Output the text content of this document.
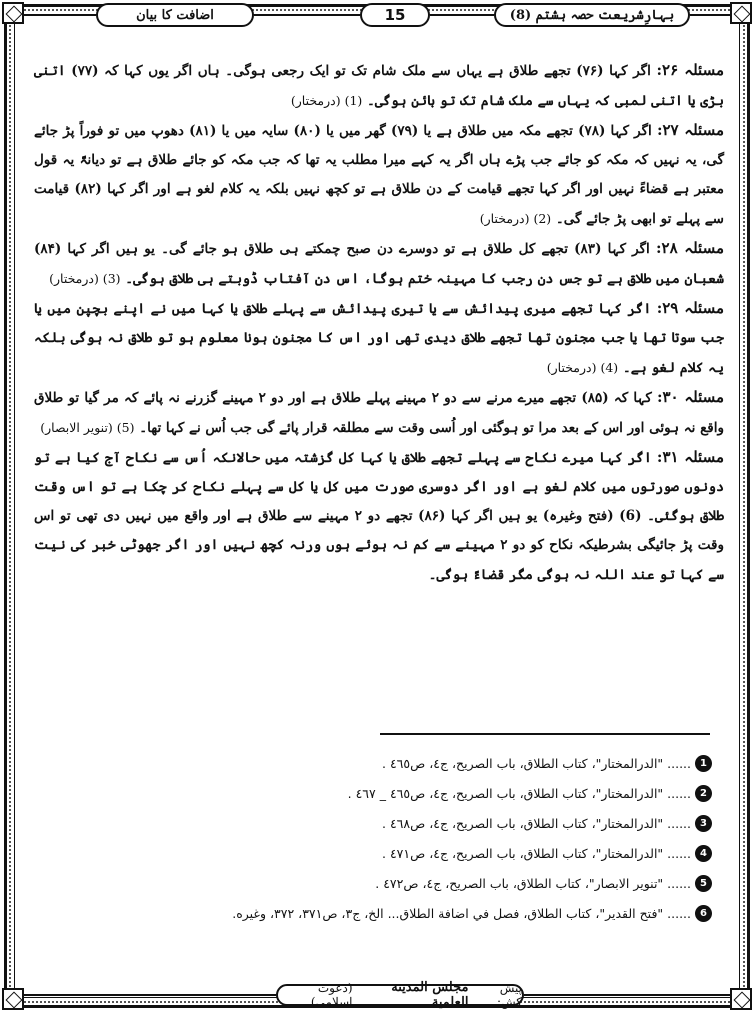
اضافت کا بیان	15	بہارِشریعت حصہ ہشتم (8)

مسئلہ ۲۶: اگر کہا (۷۶) تجھے طلاق ہے یہاں سے ملک شام تک تو ایک رجعی ہوگی۔ ہاں اگر یوں کہا کہ (۷۷) اتنی بڑی یا اتنی لمبی کہ یہاں سے ملک شام تک تو بائن ہوگی۔ (1) (درمختار)

مسئلہ ۲۷: اگر کہا (۷۸) تجھے مکہ میں طلاق ہے یا (۷۹) گھر میں یا (۸۰) سایہ میں یا (۸۱) دھوپ میں تو فوراً پڑ جائے گی، یہ نہیں کہ مکہ کو جائے جب پڑے ہاں اگر یہ کہے میرا مطلب یہ تھا کہ جب مکہ کو جائے طلاق ہے تو دیانۃً یہ قول معتبر ہے قضاءً نہیں اور اگر کہا تجھے قیامت کے دن طلاق ہے تو کچھ نہیں بلکہ یہ کلام لغو ہے اور اگر کہا (۸۲) قیامت سے پہلے تو ابھی پڑ جائے گی۔ (2) (درمختار)

مسئلہ ۲۸: اگر کہا (۸۳) تجھے کل طلاق ہے تو دوسرے دن صبح چمکتے ہی طلاق ہو جائے گی۔ یو ہیں اگر کہا (۸۴) شعبان میں طلاق ہے تو جس دن رجب کا مہینہ ختم ہوگا، اس دن آفتاب ڈوبتے ہی طلاق ہوگی۔ (3) (درمختار)

مسئلہ ۲۹: اگر کہا تجھے میری پیدائش سے یا تیری پیدائش سے پہلے طلاق یا کہا میں نے اپنے بچپن میں یا جب سوتا تھا یا جب مجنون تھا تجھے طلاق دیدی تھی اور اس کا مجنون ہونا معلوم ہو تو طلاق نہ ہوگی بلکہ یہ کلام لغو ہے۔ (4) (درمختار)

مسئلہ ۳۰: کہا کہ (۸۵) تجھے میرے مرنے سے دو ۲ مہینے پہلے طلاق ہے اور دو ۲ مہینے گزرنے نہ پائے کہ مر گیا تو طلاق واقع نہ ہوئی اور اس کے بعد مرا تو ہوگئی اور اُسی وقت سے مطلقہ قرار پائے گی جب اُس نے کہا تھا۔ (5) (تنویر الابصار)

مسئلہ ۳۱: اگر کہا میرے نکاح سے پہلے تجھے طلاق یا کہا کل گزشتہ میں حالانکہ اُس سے نکاح آج کیا ہے تو دونوں صورتوں میں کلام لغو ہے اور اگر دوسری صورت میں کل یا کل سے پہلے نکاح کر چکا ہے تو اس وقت طلاق ہوگئی۔ (6) (فتح وغیرہ) یو ہیں اگر کہا (۸۶) تجھے دو ۲ مہینے سے طلاق ہے اور واقع میں نہیں دی تھی تو اس وقت پڑ جائیگی بشرطیکہ نکاح کو دو ۲ مہینے سے کم نہ ہوئے ہوں ورنہ کچھ نہیں اور اگر جھوٹی خبر کی نیت سے کہا تو عند اللہ نہ ہوگی مگر قضاءً ہوگی۔

1
...... "الدرالمختار"، كتاب الطلاق، باب الصريح، ج٤، ص٤٦٥ .
2
...... "الدرالمختار"، كتاب الطلاق، باب الصريح، ج٤، ص٤٦٥ _ ٤٦٧ .
3
...... "الدرالمختار"، كتاب الطلاق، باب الصريح، ج٤، ص٤٦٨ .
4
...... "الدرالمختار"، كتاب الطلاق، باب الصريح، ج٤، ص٤٧١ .
5
...... "تنوير الابصار"، كتاب الطلاق، باب الصريح، ج٤، ص٤٧٢ .
6
...... "فتح القدير"، كتاب الطلاق، فصل في اضافة الطلاق... الخ، ج٣، ص٣٧١، ٣٧٢، وغيره.
پیش کش:
مجلس المدينة العلمية
(دعوت اسلامی)
